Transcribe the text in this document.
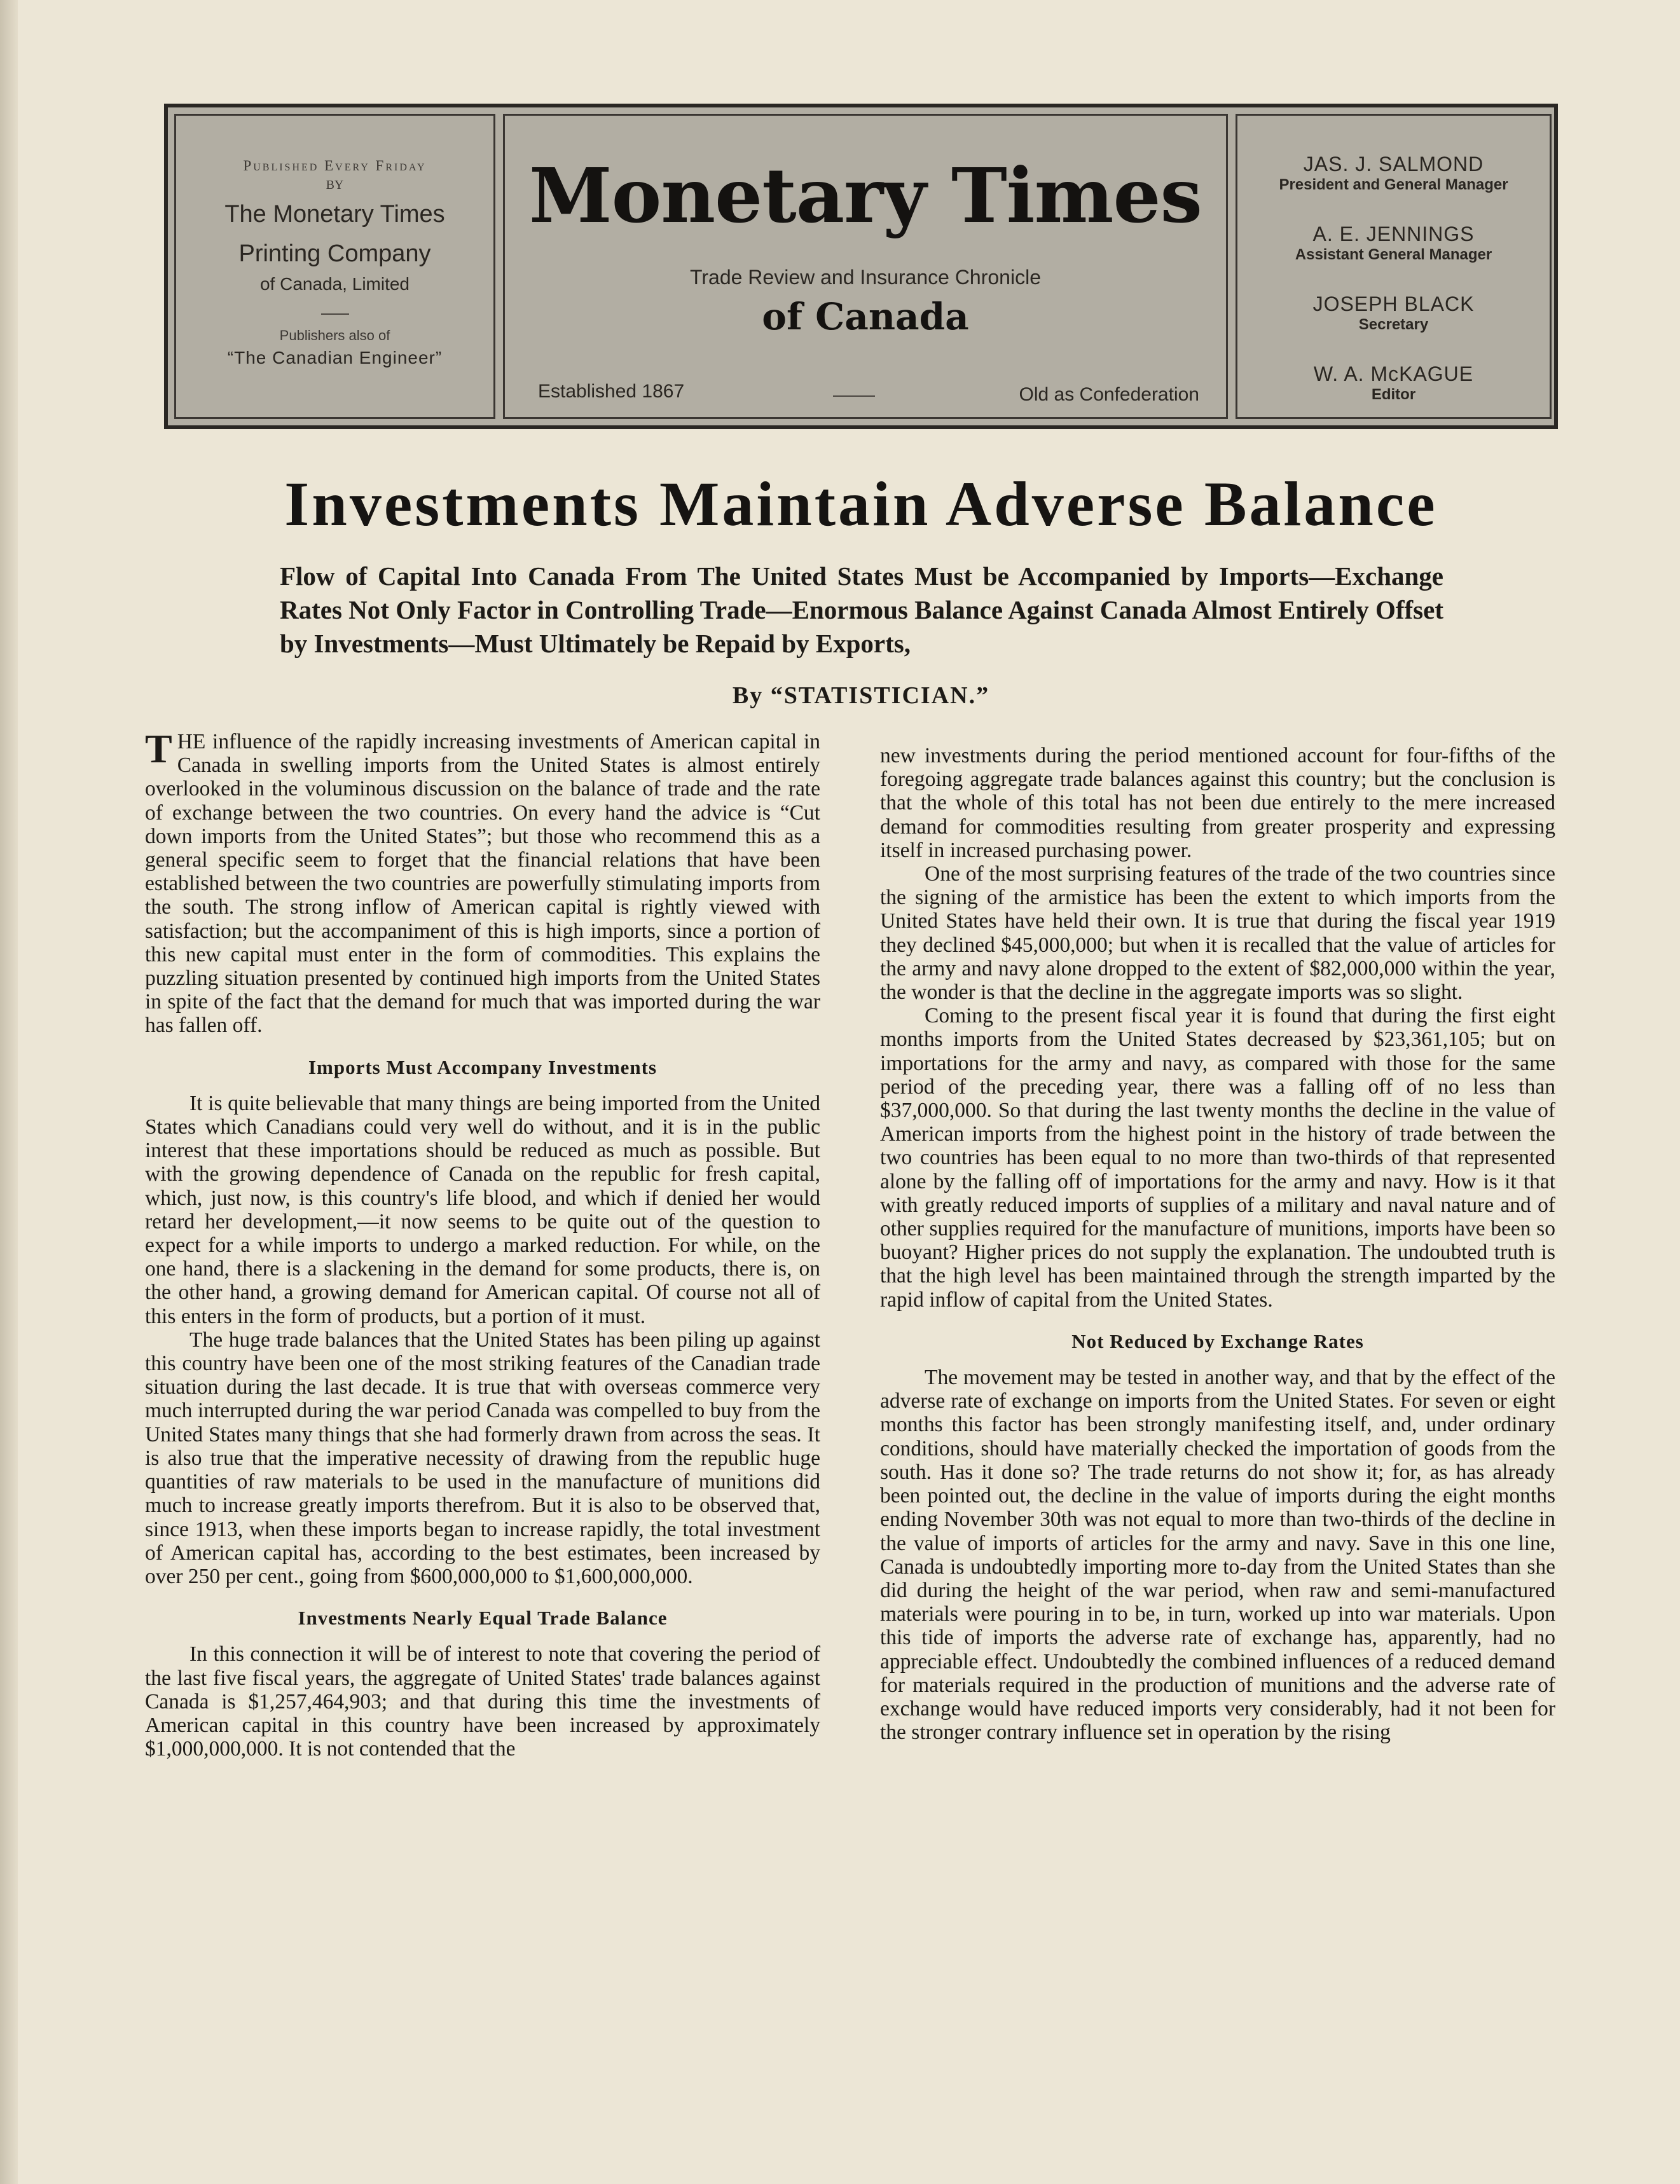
Published Every Friday
BY
The Monetary Times
Printing Company
of Canada, Limited
Publishers also of
“The Canadian Engineer”
Monetary Times
Trade Review and Insurance Chronicle
of Canada
Established 1867	Old as Confederation
JAS. J. SALMOND
President and General Manager
A. E. JENNINGS
Assistant General Manager
JOSEPH BLACK
Secretary
W. A. McKAGUE
Editor
Investments Maintain Adverse Balance
Flow of Capital Into Canada From The United States Must be Accompanied by Imports—Exchange Rates Not Only Factor in Controlling Trade—Enormous Balance Against Canada Almost Entirely Offset by Investments—Must Ultimately be Repaid by Exports,
By “STATISTICIAN.”

THE influence of the rapidly increasing investments of American capital in Canada in swelling imports from the United States is almost entirely overlooked in the voluminous discussion on the balance of trade and the rate of exchange between the two countries. On every hand the advice is “Cut down imports from the United States”; but those who recommend this as a general specific seem to forget that the financial relations that have been established between the two countries are powerfully stimulating imports from the south. The strong inflow of American capital is rightly viewed with satisfaction; but the accompaniment of this is high imports, since a portion of this new capital must enter in the form of commodities. This explains the puzzling situation presented by continued high imports from the United States in spite of the fact that the demand for much that was imported during the war has fallen off.

Imports Must Accompany Investments

It is quite believable that many things are being imported from the United States which Canadians could very well do without, and it is in the public interest that these importations should be reduced as much as possible. But with the growing dependence of Canada on the republic for fresh capital, which, just now, is this country's life blood, and which if denied her would retard her development,—it now seems to be quite out of the question to expect for a while imports to undergo a marked reduction. For while, on the one hand, there is a slackening in the demand for some products, there is, on the other hand, a growing demand for American capital. Of course not all of this enters in the form of products, but a portion of it must.

The huge trade balances that the United States has been piling up against this country have been one of the most striking features of the Canadian trade situation during the last decade. It is true that with overseas commerce very much interrupted during the war period Canada was compelled to buy from the United States many things that she had formerly drawn from across the seas. It is also true that the imperative necessity of drawing from the republic huge quantities of raw materials to be used in the manufacture of munitions did much to increase greatly imports therefrom. But it is also to be observed that, since 1913, when these imports began to increase rapidly, the total investment of American capital has, according to the best estimates, been increased by over 250 per cent., going from $600,000,000 to $1,600,000,000.

Investments Nearly Equal Trade Balance

In this connection it will be of interest to note that covering the period of the last five fiscal years, the aggregate of United States' trade balances against Canada is $1,257,464,903; and that during this time the investments of American capital in this country have been increased by approximately $1,000,000,000. It is not contended that the

new investments during the period mentioned account for four-fifths of the foregoing aggregate trade balances against this country; but the conclusion is that the whole of this total has not been due entirely to the mere increased demand for commodities resulting from greater prosperity and expressing itself in increased purchasing power.

One of the most surprising features of the trade of the two countries since the signing of the armistice has been the extent to which imports from the United States have held their own. It is true that during the fiscal year 1919 they declined $45,000,000; but when it is recalled that the value of articles for the army and navy alone dropped to the extent of $82,000,000 within the year, the wonder is that the decline in the aggregate imports was so slight.

Coming to the present fiscal year it is found that during the first eight months imports from the United States decreased by $23,361,105; but on importations for the army and navy, as compared with those for the same period of the preceding year, there was a falling off of no less than $37,000,000. So that during the last twenty months the decline in the value of American imports from the highest point in the history of trade between the two countries has been equal to no more than two-thirds of that represented alone by the falling off of importations for the army and navy. How is it that with greatly reduced imports of supplies of a military and naval nature and of other supplies required for the manufacture of munitions, imports have been so buoyant? Higher prices do not supply the explanation. The undoubted truth is that the high level has been maintained through the strength imparted by the rapid inflow of capital from the United States.

Not Reduced by Exchange Rates

The movement may be tested in another way, and that by the effect of the adverse rate of exchange on imports from the United States. For seven or eight months this factor has been strongly manifesting itself, and, under ordinary conditions, should have materially checked the importation of goods from the south. Has it done so? The trade returns do not show it; for, as has already been pointed out, the decline in the value of imports during the eight months ending November 30th was not equal to more than two-thirds of the decline in the value of imports of articles for the army and navy. Save in this one line, Canada is undoubtedly importing more to-day from the United States than she did during the height of the war period, when raw and semi-manufactured materials were pouring in to be, in turn, worked up into war materials. Upon this tide of imports the adverse rate of exchange has, apparently, had no appreciable effect. Undoubtedly the combined influences of a reduced demand for materials required in the production of munitions and the adverse rate of exchange would have reduced imports very considerably, had it not been for the stronger contrary influence set in operation by the rising
